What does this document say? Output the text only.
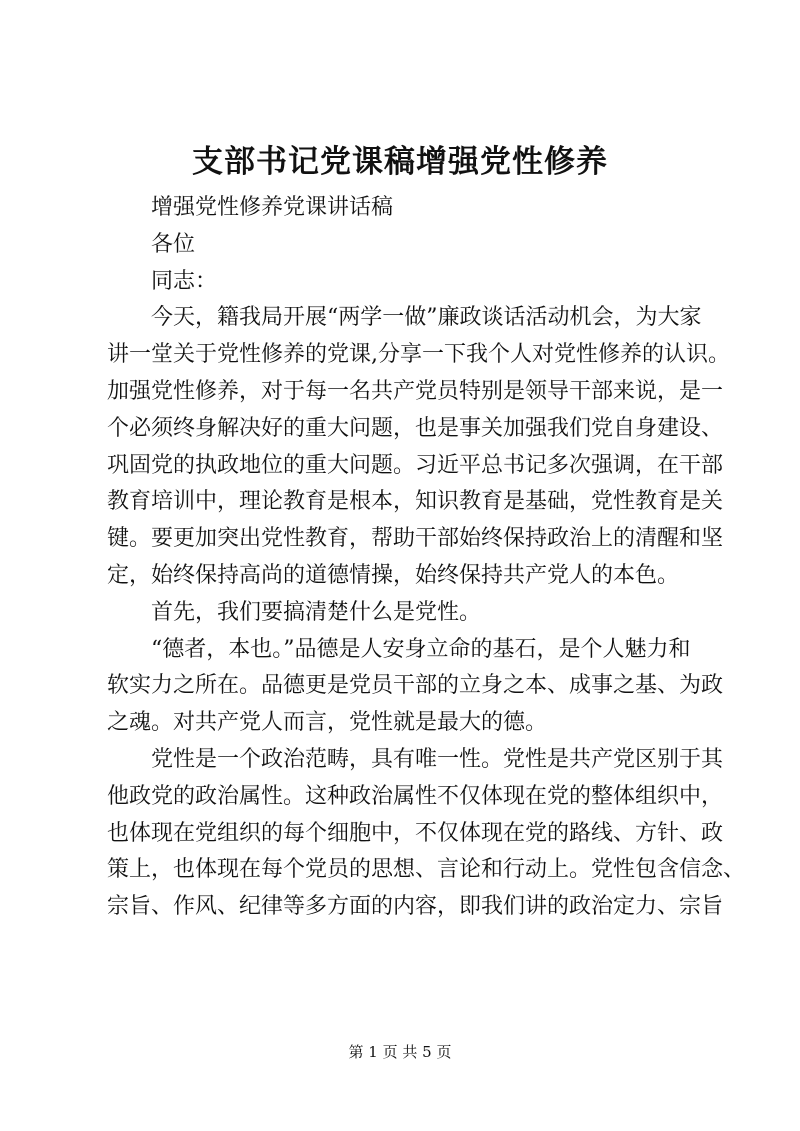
支部书记党课稿增强党性修养
增强党性修养党课讲话稿
各位
同志：
今天，籍我局开展“两学一做”廉政谈话活动机会，为大家
讲一堂关于党性修养的党课,分享一下我个人对党性修养的认识。
加强党性修养，对于每一名共产党员特别是领导干部来说，是一
个必须终身解决好的重大问题，也是事关加强我们党自身建设、
巩固党的执政地位的重大问题。习近平总书记多次强调，在干部
教育培训中，理论教育是根本，知识教育是基础，党性教育是关
键。要更加突出党性教育，帮助干部始终保持政治上的清醒和坚
定，始终保持高尚的道德情操，始终保持共产党人的本色。
首先，我们要搞清楚什么是党性。
“德者，本也。”品德是人安身立命的基石，是个人魅力和
软实力之所在。品德更是党员干部的立身之本、成事之基、为政
之魂。对共产党人而言，党性就是最大的德。
党性是一个政治范畴，具有唯一性。党性是共产党区别于其
他政党的政治属性。这种政治属性不仅体现在党的整体组织中，
也体现在党组织的每个细胞中，不仅体现在党的路线、方针、政
策上，也体现在每个党员的思想、言论和行动上。党性包含信念、
宗旨、作风、纪律等多方面的内容，即我们讲的政治定力、宗旨
第 1 页 共 5 页
